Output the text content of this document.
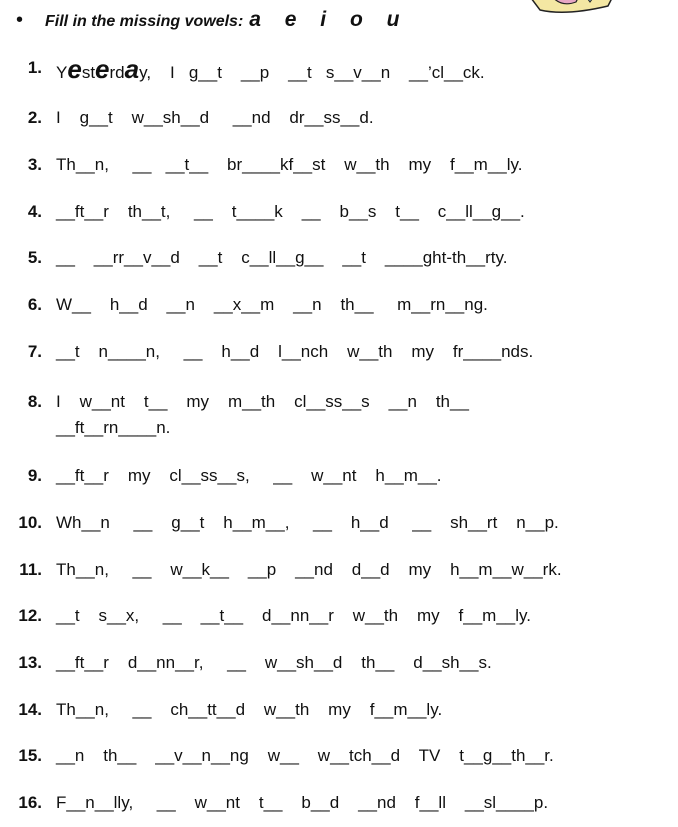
• Fill in the missing vowels: a e i o u
1. Yesterday,    I   g__t    __p    __t   s__v__n    __’cl__ck.
2. I    g__t    w__sh__d     __nd    dr__ss__d.
3. Th__n,     __   __t__    br____kf__st    w__th    my    f__m__ly.
4. __ft__r    th__t,     __    t____k    __    b__s    t__    c__ll__g__.
5. __    __rr__v__d    __t    c__ll__g__    __t    ____ght-th__rty.
6. W__    h__d    __n    __x__m    __n    th__     m__rn__ng.
7. __t    n____n,     __    h__d    l__nch    w__th    my    fr____nds.
8. I    w__nt    t__    my    m__th    cl__ss__s    __n    th__
__ft__rn____n.
9. __ft__r    my    cl__ss__s,     __    w__nt    h__m__.
10. Wh__n     __    g__t    h__m__,     __    h__d     __    sh__rt    n__p.
11. Th__n,     __    w__k__    __p    __nd    d__d    my    h__m__w__rk.
12. __t    s__x,     __    __t__    d__nn__r    w__th    my    f__m__ly.
13. __ft__r    d__nn__r,     __    w__sh__d    th__    d__sh__s.
14. Th__n,     __    ch__tt__d    w__th    my    f__m__ly.
15. __n    th__    __v__n__ng    w__    w__tch__d    TV    t__g__th__r.
16. F__n__lly,     __    w__nt    t__    b__d    __nd    f__ll    __sl____p.
